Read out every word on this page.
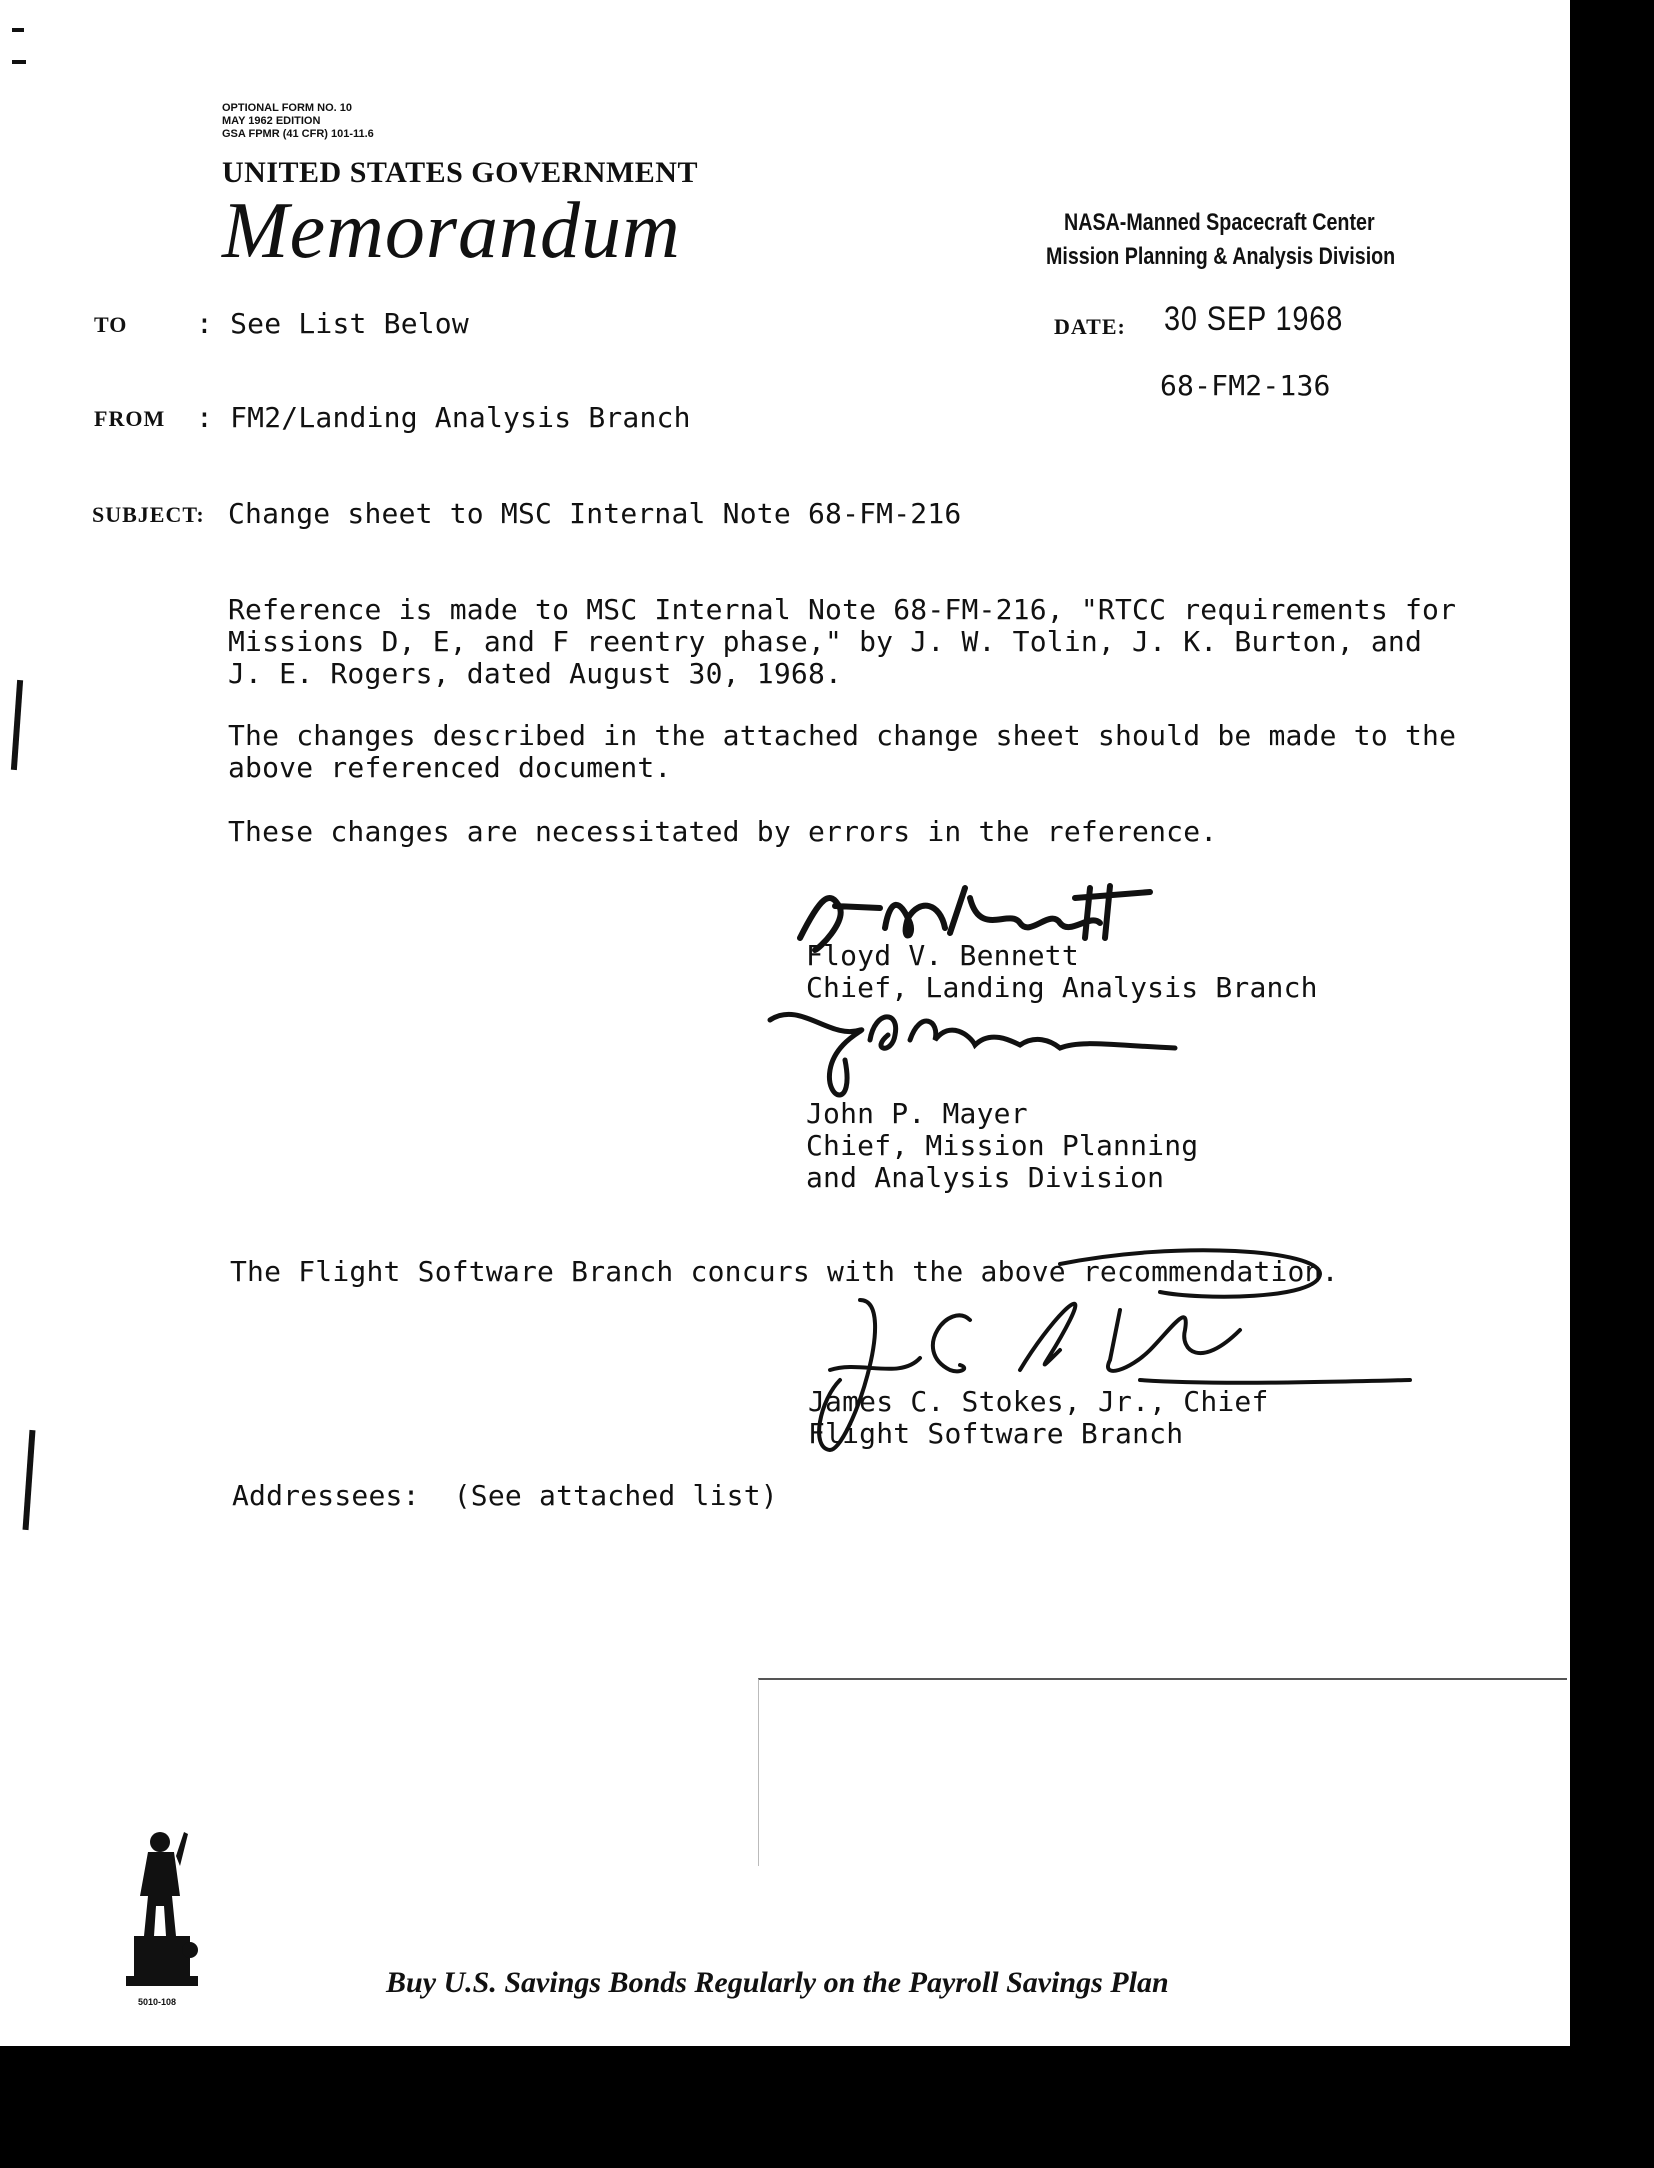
OPTIONAL FORM NO. 10
MAY 1962 EDITION
GSA FPMR (41 CFR) 101-11.6
UNITED STATES GOVERNMENT
Memorandum	NASA-Manned Spacecraft Center
Mission Planning & Analysis Division
TO : See List Below	DATE: 30 SEP 1968
68-FM2-136
FROM : FM2/Landing Analysis Branch
SUBJECT: Change sheet to MSC Internal Note 68-FM-216

Reference is made to MSC Internal Note 68-FM-216, "RTCC requirements for

Missions D, E, and F reentry phase," by J. W. Tolin, J. K. Burton, and

J. E. Rogers, dated August 30, 1968.

The changes described in the attached change sheet should be made to the

above referenced document.

These changes are necessitated by errors in the reference.

Floyd V. Bennett

Chief, Landing Analysis Branch

John P. Mayer

Chief, Mission Planning

and Analysis Division

The Flight Software Branch concurs with the above recommendation.

James C. Stokes, Jr., Chief

Flight Software Branch

Addressees:  (See attached list)
5010-108
Buy U.S. Savings Bonds Regularly on the Payroll Savings Plan
